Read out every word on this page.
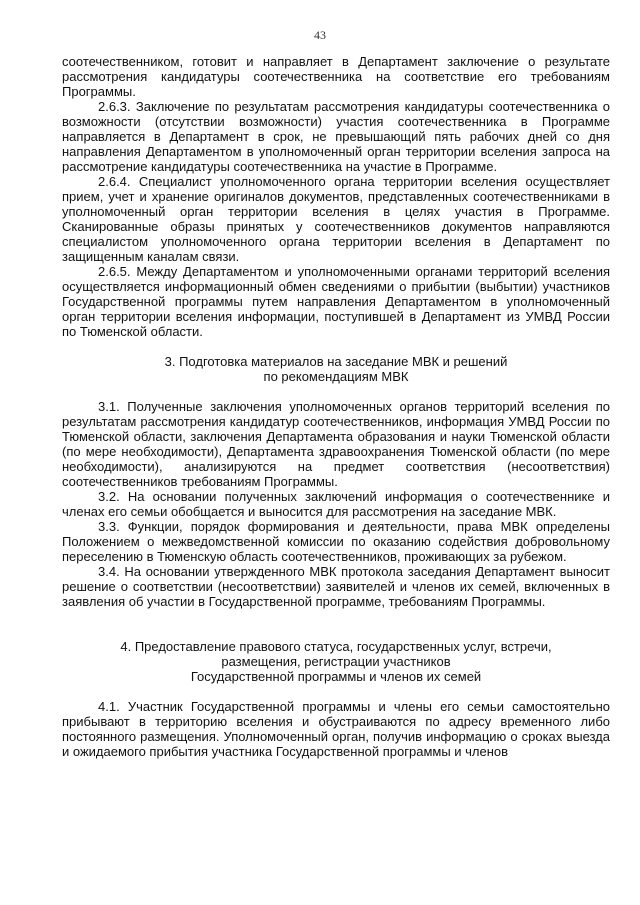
43

соотечественником, готовит и направляет в Департамент заключение о результате рассмотрения кандидатуры соотечественника на соответствие его требованиям Программы.

2.6.3. Заключение по результатам рассмотрения кандидатуры соотечественника о возможности (отсутствии возможности) участия соотечественника в Программе направляется в Департамент в срок, не превышающий пять рабочих дней со дня направления Департаментом в уполномоченный орган территории вселения запроса на рассмотрение кандидатуры соотечественника на участие в Программе.

2.6.4. Специалист уполномоченного органа территории вселения осуществляет прием, учет и хранение оригиналов документов, представленных соотечественниками в уполномоченный орган территории вселения в целях участия в Программе. Сканированные образы принятых у соотечественников документов направляются специалистом уполномоченного органа территории вселения в Департамент по защищенным каналам связи.

2.6.5. Между Департаментом и уполномоченными органами территорий вселения осуществляется информационный обмен сведениями о прибытии (выбытии) участников Государственной программы путем направления Департаментом в уполномоченный орган территории вселения информации, поступившей в Департамент из УМВД России по Тюменской области.

3. Подготовка материалов на заседание МВК и решений
по рекомендациям МВК

3.1. Полученные заключения уполномоченных органов территорий вселения по результатам рассмотрения кандидатур соотечественников, информация УМВД России по Тюменской области, заключения Департамента образования и науки Тюменской области (по мере необходимости), Департамента здравоохранения Тюменской области (по мере необходимости), анализируются на предмет соответствия (несоответствия) соотечественников требованиям Программы.

3.2. На основании полученных заключений информация о соотечественнике и членах его семьи обобщается и выносится для рассмотрения на заседание МВК.

3.3. Функции, порядок формирования и деятельности, права МВК определены Положением о межведомственной комиссии по оказанию содействия добровольному переселению в Тюменскую область соотечественников, проживающих за рубежом.

3.4. На основании утвержденного МВК протокола заседания Департамент выносит решение о соответствии (несоответствии) заявителей и членов их семей, включенных в заявления об участии в Государственной программе, требованиям Программы.

4. Предоставление правового статуса, государственных услуг, встречи,
размещения, регистрации участников
Государственной программы и членов их семей

4.1. Участник Государственной программы и члены его семьи самостоятельно прибывают в территорию вселения и обустраиваются по адресу временного либо постоянного размещения. Уполномоченный орган, получив информацию о сроках выезда и ожидаемого прибытия участника Государственной программы и членов
